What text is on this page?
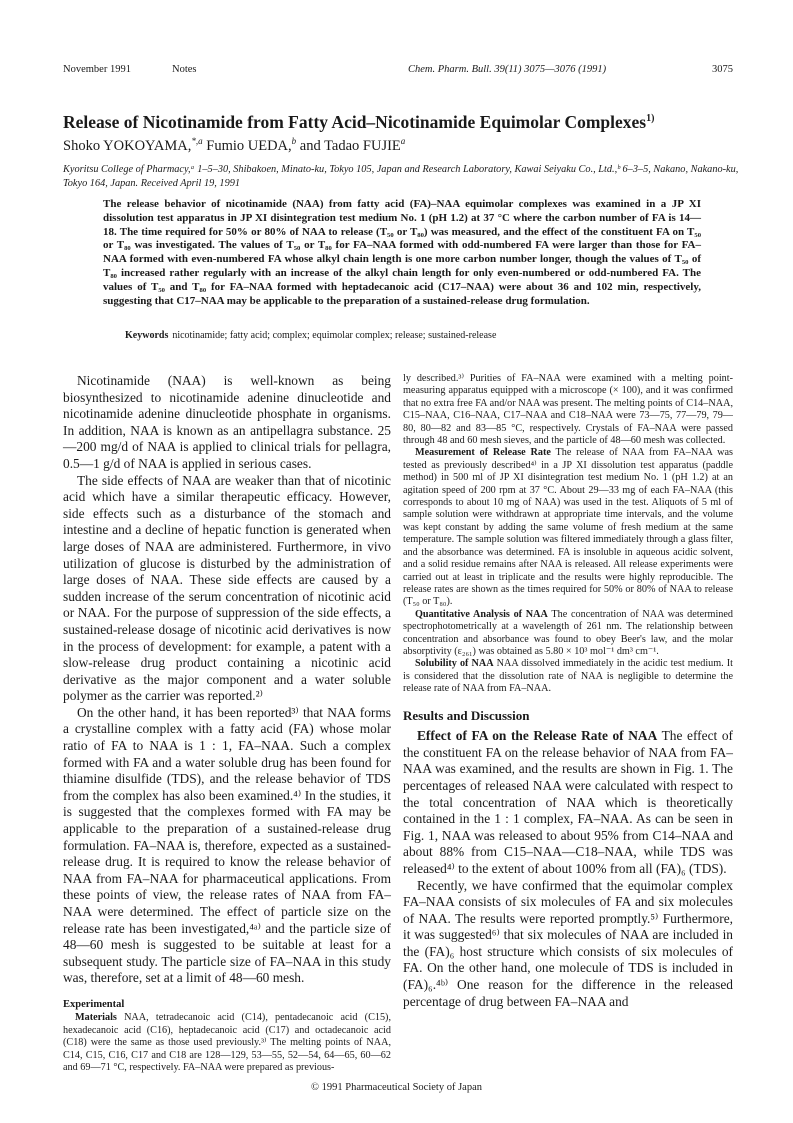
November 1991	Notes	Chem. Pharm. Bull. 39(11) 3075—3076 (1991)	3075
Release of Nicotinamide from Fatty Acid–Nicotinamide Equimolar Complexes$^{1)}$
Shoko YOKOYAMA,$^{*,a}$ Fumio UEDA,$^b$ and Tadao FUJIE$^a$
Kyoritsu College of Pharmacy,ᵃ 1–5–30, Shibakoen, Minato-ku, Tokyo 105, Japan and Research Laboratory, Kawai Seiyaku Co., Ltd.,ᵇ 6–3–5, Nakano, Nakano-ku, Tokyo 164, Japan. Received April 19, 1991
The release behavior of nicotinamide (NAA) from fatty acid (FA)–NAA equimolar complexes was examined in a JP XI dissolution test apparatus in JP XI disintegration test medium No. 1 (pH 1.2) at 37 °C where the carbon number of FA is 14—18. The time required for 50% or 80% of NAA to release (T₅₀ or T₈₀) was measured, and the effect of the constituent FA on T₅₀ or T₈₀ was investigated. The values of T₅₀ or T₈₀ for FA–NAA formed with odd-numbered FA were larger than those for FA–NAA formed with even-numbered FA whose alkyl chain length is one more carbon number longer, though the values of T₅₀ of T₈₀ increased rather regularly with an increase of the alkyl chain length for only even-numbered or odd-numbered FA. The values of T₅₀ and T₈₀ for FA–NAA formed with heptadecanoic acid (C17–NAA) were about 36 and 102 min, respectively, suggesting that C17–NAA may be applicable to the preparation of a sustained-release drug formulation.
Keywords nicotinamide; fatty acid; complex; equimolar complex; release; sustained-release

Nicotinamide (NAA) is well-known as being biosynthesized to nicotinamide adenine dinucleotide and nicotinamide adenine dinucleotide phosphate in organisms. In addition, NAA is known as an antipellagra substance. 25—200 mg/d of NAA is applied to clinical trials for pellagra, 0.5—1 g/d of NAA is applied in serious cases.

The side effects of NAA are weaker than that of nicotinic acid which have a similar therapeutic efficacy. However, side effects such as a disturbance of the stomach and intestine and a decline of hepatic function is generated when large doses of NAA are administered. Furthermore, in vivo utilization of glucose is disturbed by the administration of large doses of NAA. These side effects are caused by a sudden increase of the serum concentration of nicotinic acid or NAA. For the purpose of suppression of the side effects, a sustained-release dosage of nicotinic acid derivatives is now in the process of development: for example, a patent with a slow-release drug product containing a nicotinic acid derivative as the major component and a water soluble polymer as the carrier was reported.²⁾

On the other hand, it has been reported³⁾ that NAA forms a crystalline complex with a fatty acid (FA) whose molar ratio of FA to NAA is 1 : 1, FA–NAA. Such a complex formed with FA and a water soluble drug has been found for thiamine disulfide (TDS), and the release behavior of TDS from the complex has also been examined.⁴⁾ In the studies, it is suggested that the complexes formed with FA may be applicable to the preparation of a sustained-release drug formulation. FA–NAA is, therefore, expected as a sustained-release drug. It is required to know the release behavior of NAA from FA–NAA for pharmaceutical applications. From these points of view, the release rates of NAA from FA–NAA were determined. The effect of particle size on the release rate has been investigated,⁴ᵃ⁾ and the particle size of 48—60 mesh is suggested to be suitable at least for a subsequent study. The particle size of FA–NAA in this study was, therefore, set at a limit of 48—60 mesh.

Experimental

Materials NAA, tetradecanoic acid (C14), pentadecanoic acid (C15), hexadecanoic acid (C16), heptadecanoic acid (C17) and octadecanoic acid (C18) were the same as those used previously.³⁾ The melting points of NAA, C14, C15, C16, C17 and C18 are 128—129, 53—55, 52—54, 64—65, 60—62 and 69—71 °C, respectively. FA–NAA were prepared as previous-

ly described.³⁾ Purities of FA–NAA were examined with a melting point-measuring apparatus equipped with a microscope (× 100), and it was confirmed that no extra free FA and/or NAA was present. The melting points of C14–NAA, C15–NAA, C16–NAA, C17–NAA and C18–NAA were 73—75, 77—79, 79—80, 80—82 and 83—85 °C, respectively. Crystals of FA–NAA were passed through 48 and 60 mesh sieves, and the particle of 48—60 mesh was collected.

Measurement of Release Rate The release of NAA from FA–NAA was tested as previously described⁴⁾ in a JP XI dissolution test apparatus (paddle method) in 500 ml of JP XI disintegration test medium No. 1 (pH 1.2) at an agitation speed of 200 rpm at 37 °C. About 29—33 mg of each FA–NAA (this corresponds to about 10 mg of NAA) was used in the test. Aliquots of 5 ml of sample solution were withdrawn at appropriate time intervals, and the volume was kept constant by adding the same volume of fresh medium at the same temperature. The sample solution was filtered immediately through a glass filter, and the absorbance was determined. FA is insoluble in aqueous acidic solvent, and a solid residue remains after NAA is released. All release experiments were carried out at least in triplicate and the results were highly reproducible. The release rates are shown as the times required for 50% or 80% of NAA to release (T₅₀ or T₈₀).

Quantitative Analysis of NAA The concentration of NAA was determined spectrophotometrically at a wavelength of 261 nm. The relationship between concentration and absorbance was found to obey Beer's law, and the molar absorptivity (ε₂₆₁) was obtained as 5.80 × 10³ mol⁻¹ dm³ cm⁻¹.

Solubility of NAA NAA dissolved immediately in the acidic test medium. It is considered that the dissolution rate of NAA is negligible to determine the release rate of NAA from FA–NAA.

Results and Discussion

Effect of FA on the Release Rate of NAA The effect of the constituent FA on the release behavior of NAA from FA–NAA was examined, and the results are shown in Fig. 1. The percentages of released NAA were calculated with respect to the total concentration of NAA which is theoretically contained in the 1 : 1 complex, FA–NAA. As can be seen in Fig. 1, NAA was released to about 95% from C14–NAA and about 88% from C15–NAA—C18–NAA, while TDS was released⁴⁾ to the extent of about 100% from all (FA)₆ (TDS).

Recently, we have confirmed that the equimolar complex FA–NAA consists of six molecules of FA and six molecules of NAA. The results were reported promptly.⁵⁾ Furthermore, it was suggested⁶⁾ that six molecules of NAA are included in the (FA)₆ host structure which consists of six molecules of FA. On the other hand, one molecule of TDS is included in (FA)₆.⁴ᵇ⁾ One reason for the difference in the released percentage of drug between FA–NAA and

© 1991 Pharmaceutical Society of Japan
